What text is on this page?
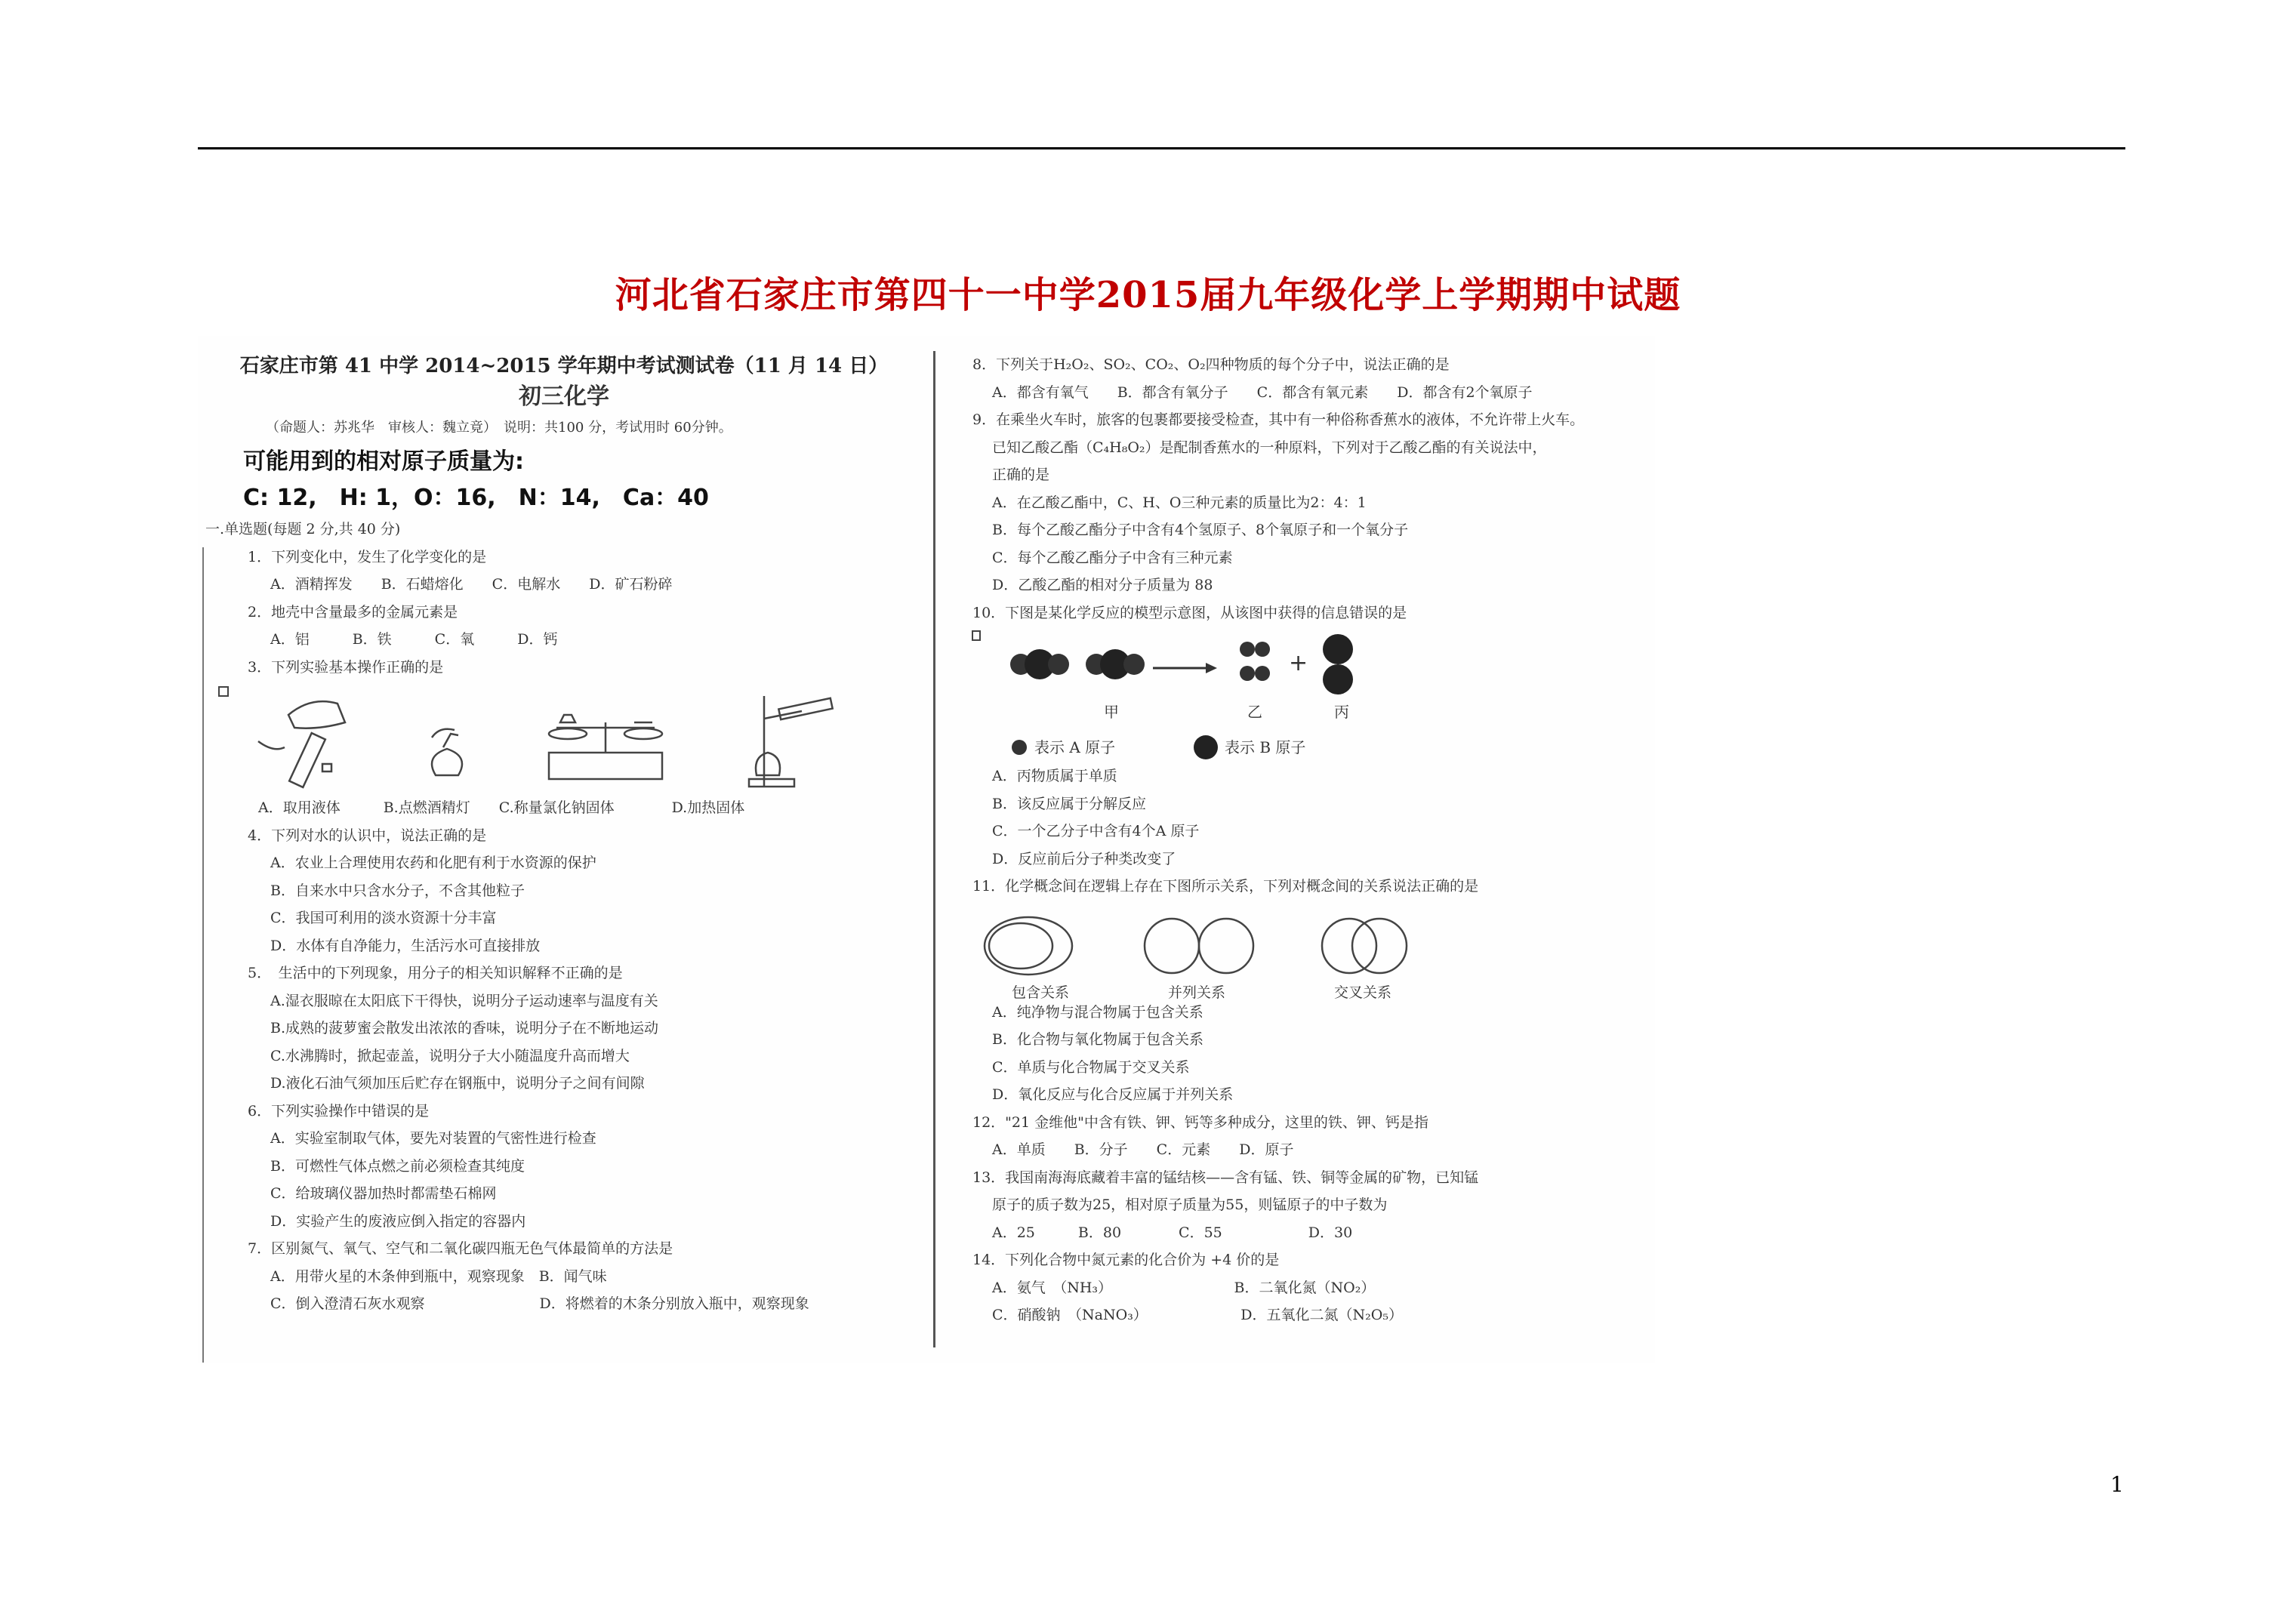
河北省石家庄市第四十一中学2015届九年级化学上学期期中试题
石家庄市第 41 中学 2014~2015 学年期中考试测试卷（11 月 14 日）
初三化学
（命题人：苏兆华　审核人：魏立竟）　说明：共100 分，考试用时 60分钟。
可能用到的相对原子质量为:
C: 12,　H: 1，O：16,　N：14,　Ca：40
一.单选题(每题 2 分,共 40 分)
1．下列变化中，发生了化学变化的是
A．酒精挥发　　B．石蜡熔化　　C．电解水　　D．矿石粉碎
2．地壳中含量最多的金属元素是
A．铝　　　B．铁　　　C．氧　　　D．钙
3．下列实验基本操作正确的是
A．取用液体　　　B.点燃酒精灯　　C.称量氯化钠固体　　　　D.加热固体
4．下列对水的认识中，说法正确的是
A．农业上合理使用农药和化肥有利于水资源的保护
B．自来水中只含水分子，不含其他粒子
C．我国可利用的淡水资源十分丰富
D．水体有自净能力，生活污水可直接排放
5．　生活中的下列现象，用分子的相关知识解释不正确的是
A.湿衣服晾在太阳底下干得快，说明分子运动速率与温度有关
B.成熟的菠萝蜜会散发出浓浓的香味，说明分子在不断地运动
C.水沸腾时，掀起壶盖，说明分子大小随温度升高而增大
D.液化石油气须加压后贮存在钢瓶中，说明分子之间有间隙
6．下列实验操作中错误的是
A．实验室制取气体，要先对装置的气密性进行检查
B．可燃性气体点燃之前必须检查其纯度
C．给玻璃仪器加热时都需垫石棉网
D．实验产生的废液应倒入指定的容器内
7．区别氮气、氧气、空气和二氧化碳四瓶无色气体最简单的方法是
A．用带火星的木条伸到瓶中，观察现象　B．闻气味
C．倒入澄清石灰水观察　　　　　　　　D．将燃着的木条分别放入瓶中，观察现象
8．下列关于H₂O₂、SO₂、CO₂、O₂四种物质的每个分子中，说法正确的是
A．都含有氧气　　B．都含有氧分子　　C．都含有氧元素　　D．都含有2个氧原子
9．在乘坐火车时，旅客的包裹都要接受检查，其中有一种俗称香蕉水的液体，不允许带上火车。
已知乙酸乙酯（C₄H₈O₂）是配制香蕉水的一种原料，下列对于乙酸乙酯的有关说法中，
正确的是
A．在乙酸乙酯中，C、H、O三种元素的质量比为2：4：1
B．每个乙酸乙酯分子中含有4个氢原子、8个氧原子和一个氧分子
C．每个乙酸乙酯分子中含有三种元素
D．乙酸乙酯的相对分子质量为 88
10．下图是某化学反应的模型示意图，从该图中获得的信息错误的是
+
甲	乙	丙
表示 A 原子	表示 B 原子
A．丙物质属于单质
B．该反应属于分解反应
C．一个乙分子中含有4个A 原子
D．反应前后分子种类改变了
11．化学概念间在逻辑上存在下图所示关系，下列对概念间的关系说法正确的是
包含关系	并列关系	交叉关系
A．纯净物与混合物属于包含关系
B．化合物与氧化物属于包含关系
C．单质与化合物属于交叉关系
D．氧化反应与化合反应属于并列关系
12．"21 金维他"中含有铁、钾、钙等多种成分，这里的铁、钾、钙是指
A．单质　　B．分子　　C．元素　　D．原子
13．我国南海海底藏着丰富的锰结核——含有锰、铁、铜等金属的矿物，已知锰
原子的质子数为25，相对原子质量为55，则锰原子的中子数为
A．25　　　B．80　　　　C．55　　　　　　D．30
14．下列化合物中氮元素的化合价为 +4 价的是
A．氨气　（NH₃）　　　　　　　　　B．二氧化氮（NO₂）
C．硝酸钠　（NaNO₃）　　　　　　　D．五氧化二氮（N₂O₅）
1
